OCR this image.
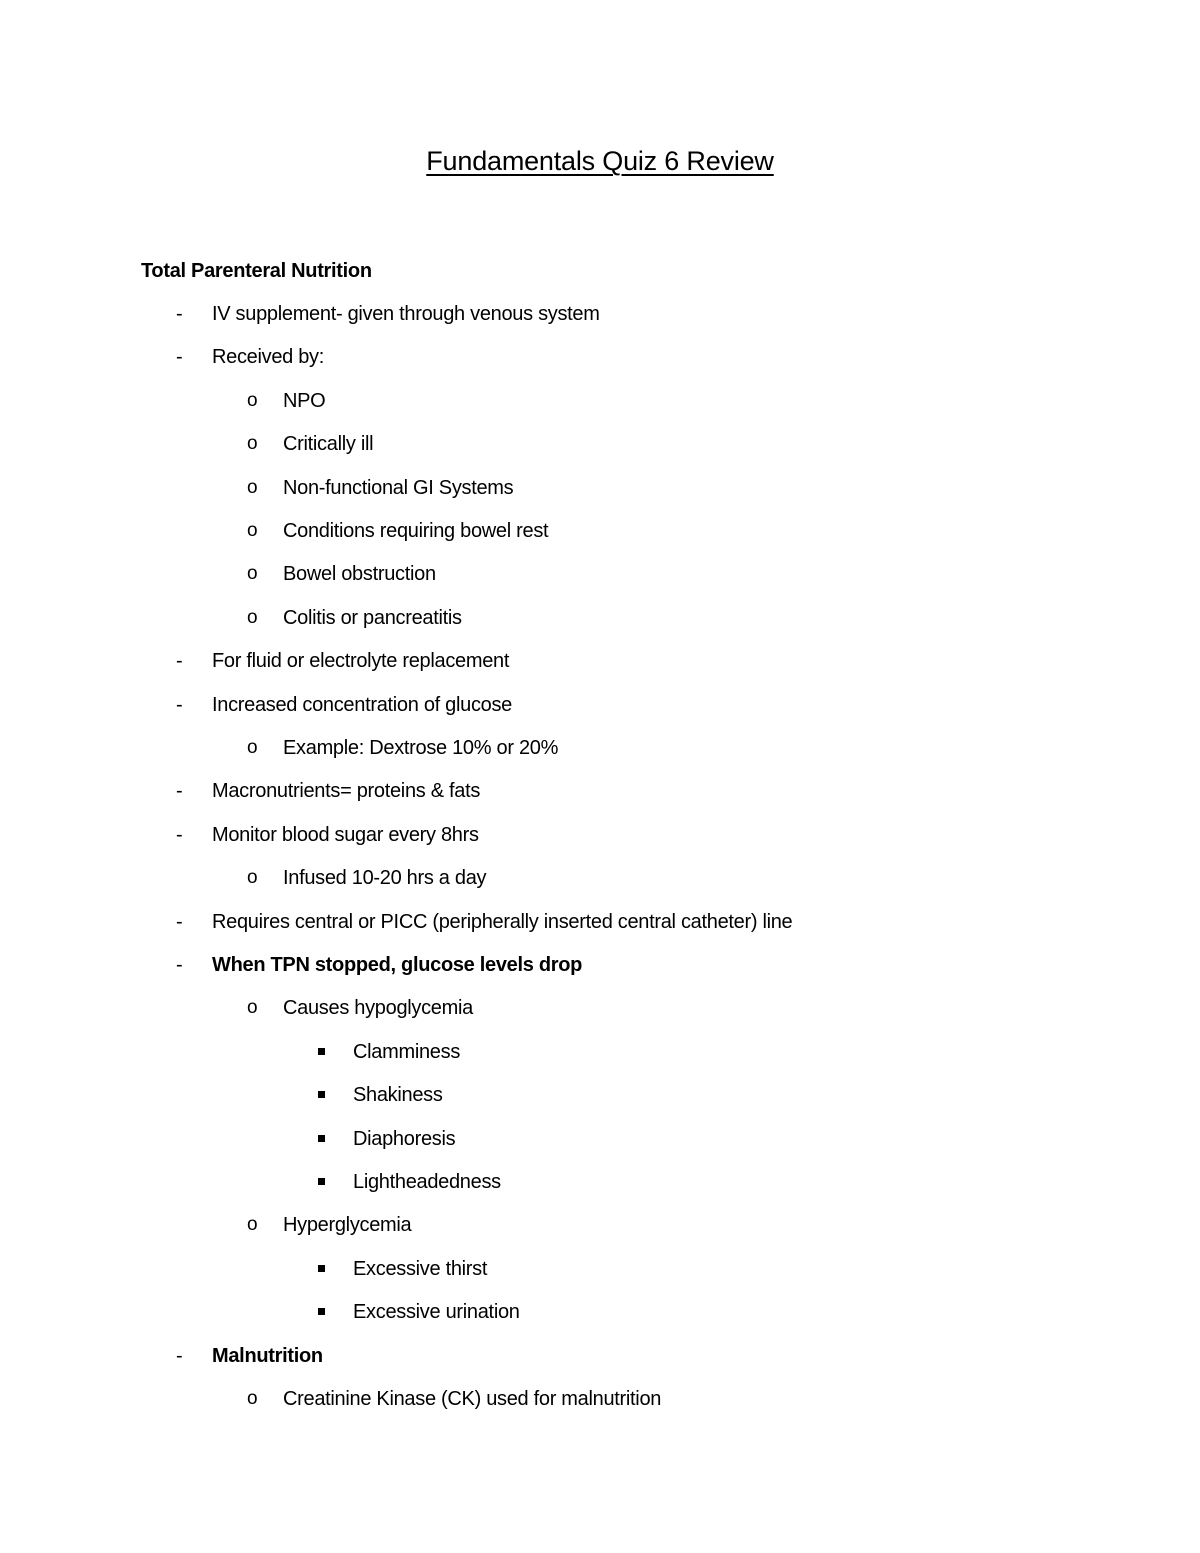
Fundamentals Quiz 6 Review
Total Parenteral Nutrition
- IV supplement- given through venous system
- Received by:
o NPO
o Critically ill
o Non-functional GI Systems
o Conditions requiring bowel rest
o Bowel obstruction
o Colitis or pancreatitis
- For fluid or electrolyte replacement
- Increased concentration of glucose
o Example: Dextrose 10% or 20%
- Macronutrients= proteins & fats
- Monitor blood sugar every 8hrs
o Infused 10-20 hrs a day
- Requires central or PICC (peripherally inserted central catheter) line
- When TPN stopped, glucose levels drop
o Causes hypoglycemia
Clamminess
Shakiness
Diaphoresis
Lightheadedness
o Hyperglycemia
Excessive thirst
Excessive urination
- Malnutrition
o Creatinine Kinase (CK) used for malnutrition
